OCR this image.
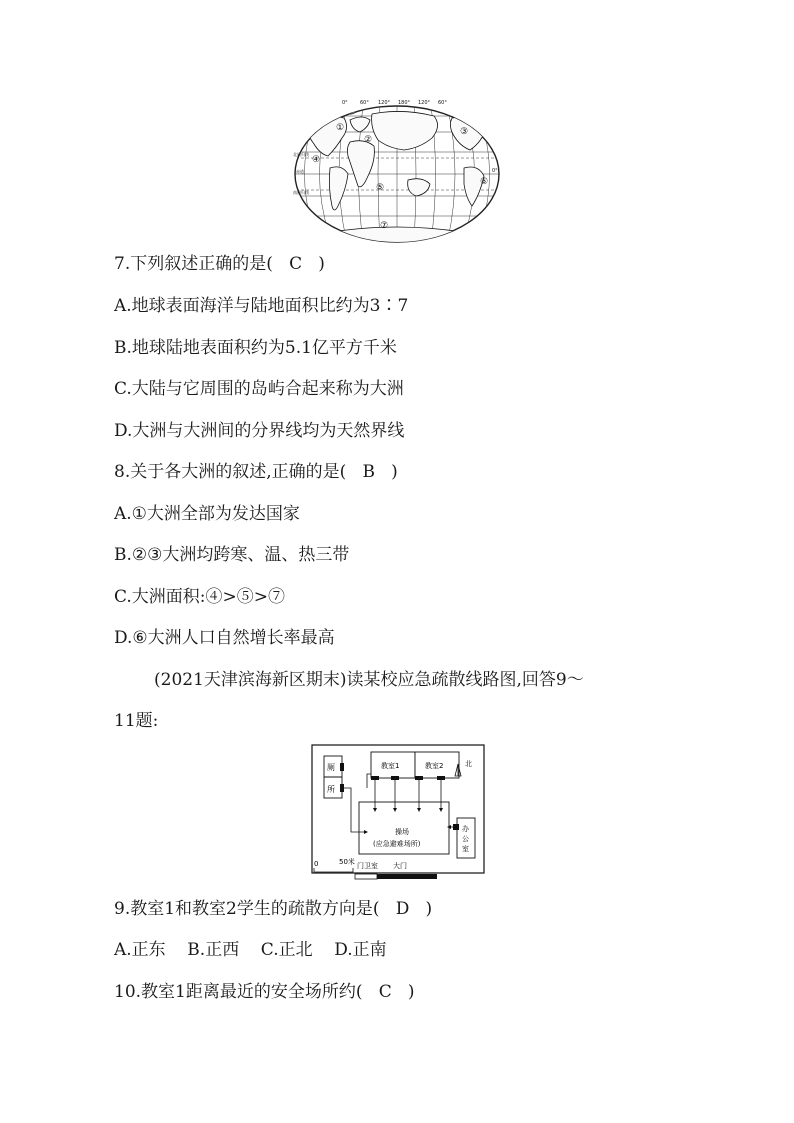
0° 60° 120° 180° 120° 60°
北回归线
赤道
南回归线
0°
①
②
③
④
⑤
⑥
⑦
7.下列叙述正确的是(   C   )
A.地球表面海洋与陆地面积比约为3∶7
B.地球陆地表面积约为5.1亿平方千米
C.大陆与它周围的岛屿合起来称为大洲
D.大洲与大洲间的分界线均为天然界线
8.关于各大洲的叙述,正确的是(   B   )
A.①大洲全部为发达国家
B.②③大洲均跨寒、温、热三带
C.大洲面积:④>⑤>⑦
D.⑥大洲人口自然增长率最高
(2021天津滨海新区期末)读某校应急疏散线路图,回答9～
11题:
厕
所
教室1	教室2	北
操场
(应急避难场所)
办
公
室
0	50米 门卫室 大门
9.教室1和教室2学生的疏散方向是(   D   )
A.正东    B.正西    C.正北    D.正南
10.教室1距离最近的安全场所约(   C   )
